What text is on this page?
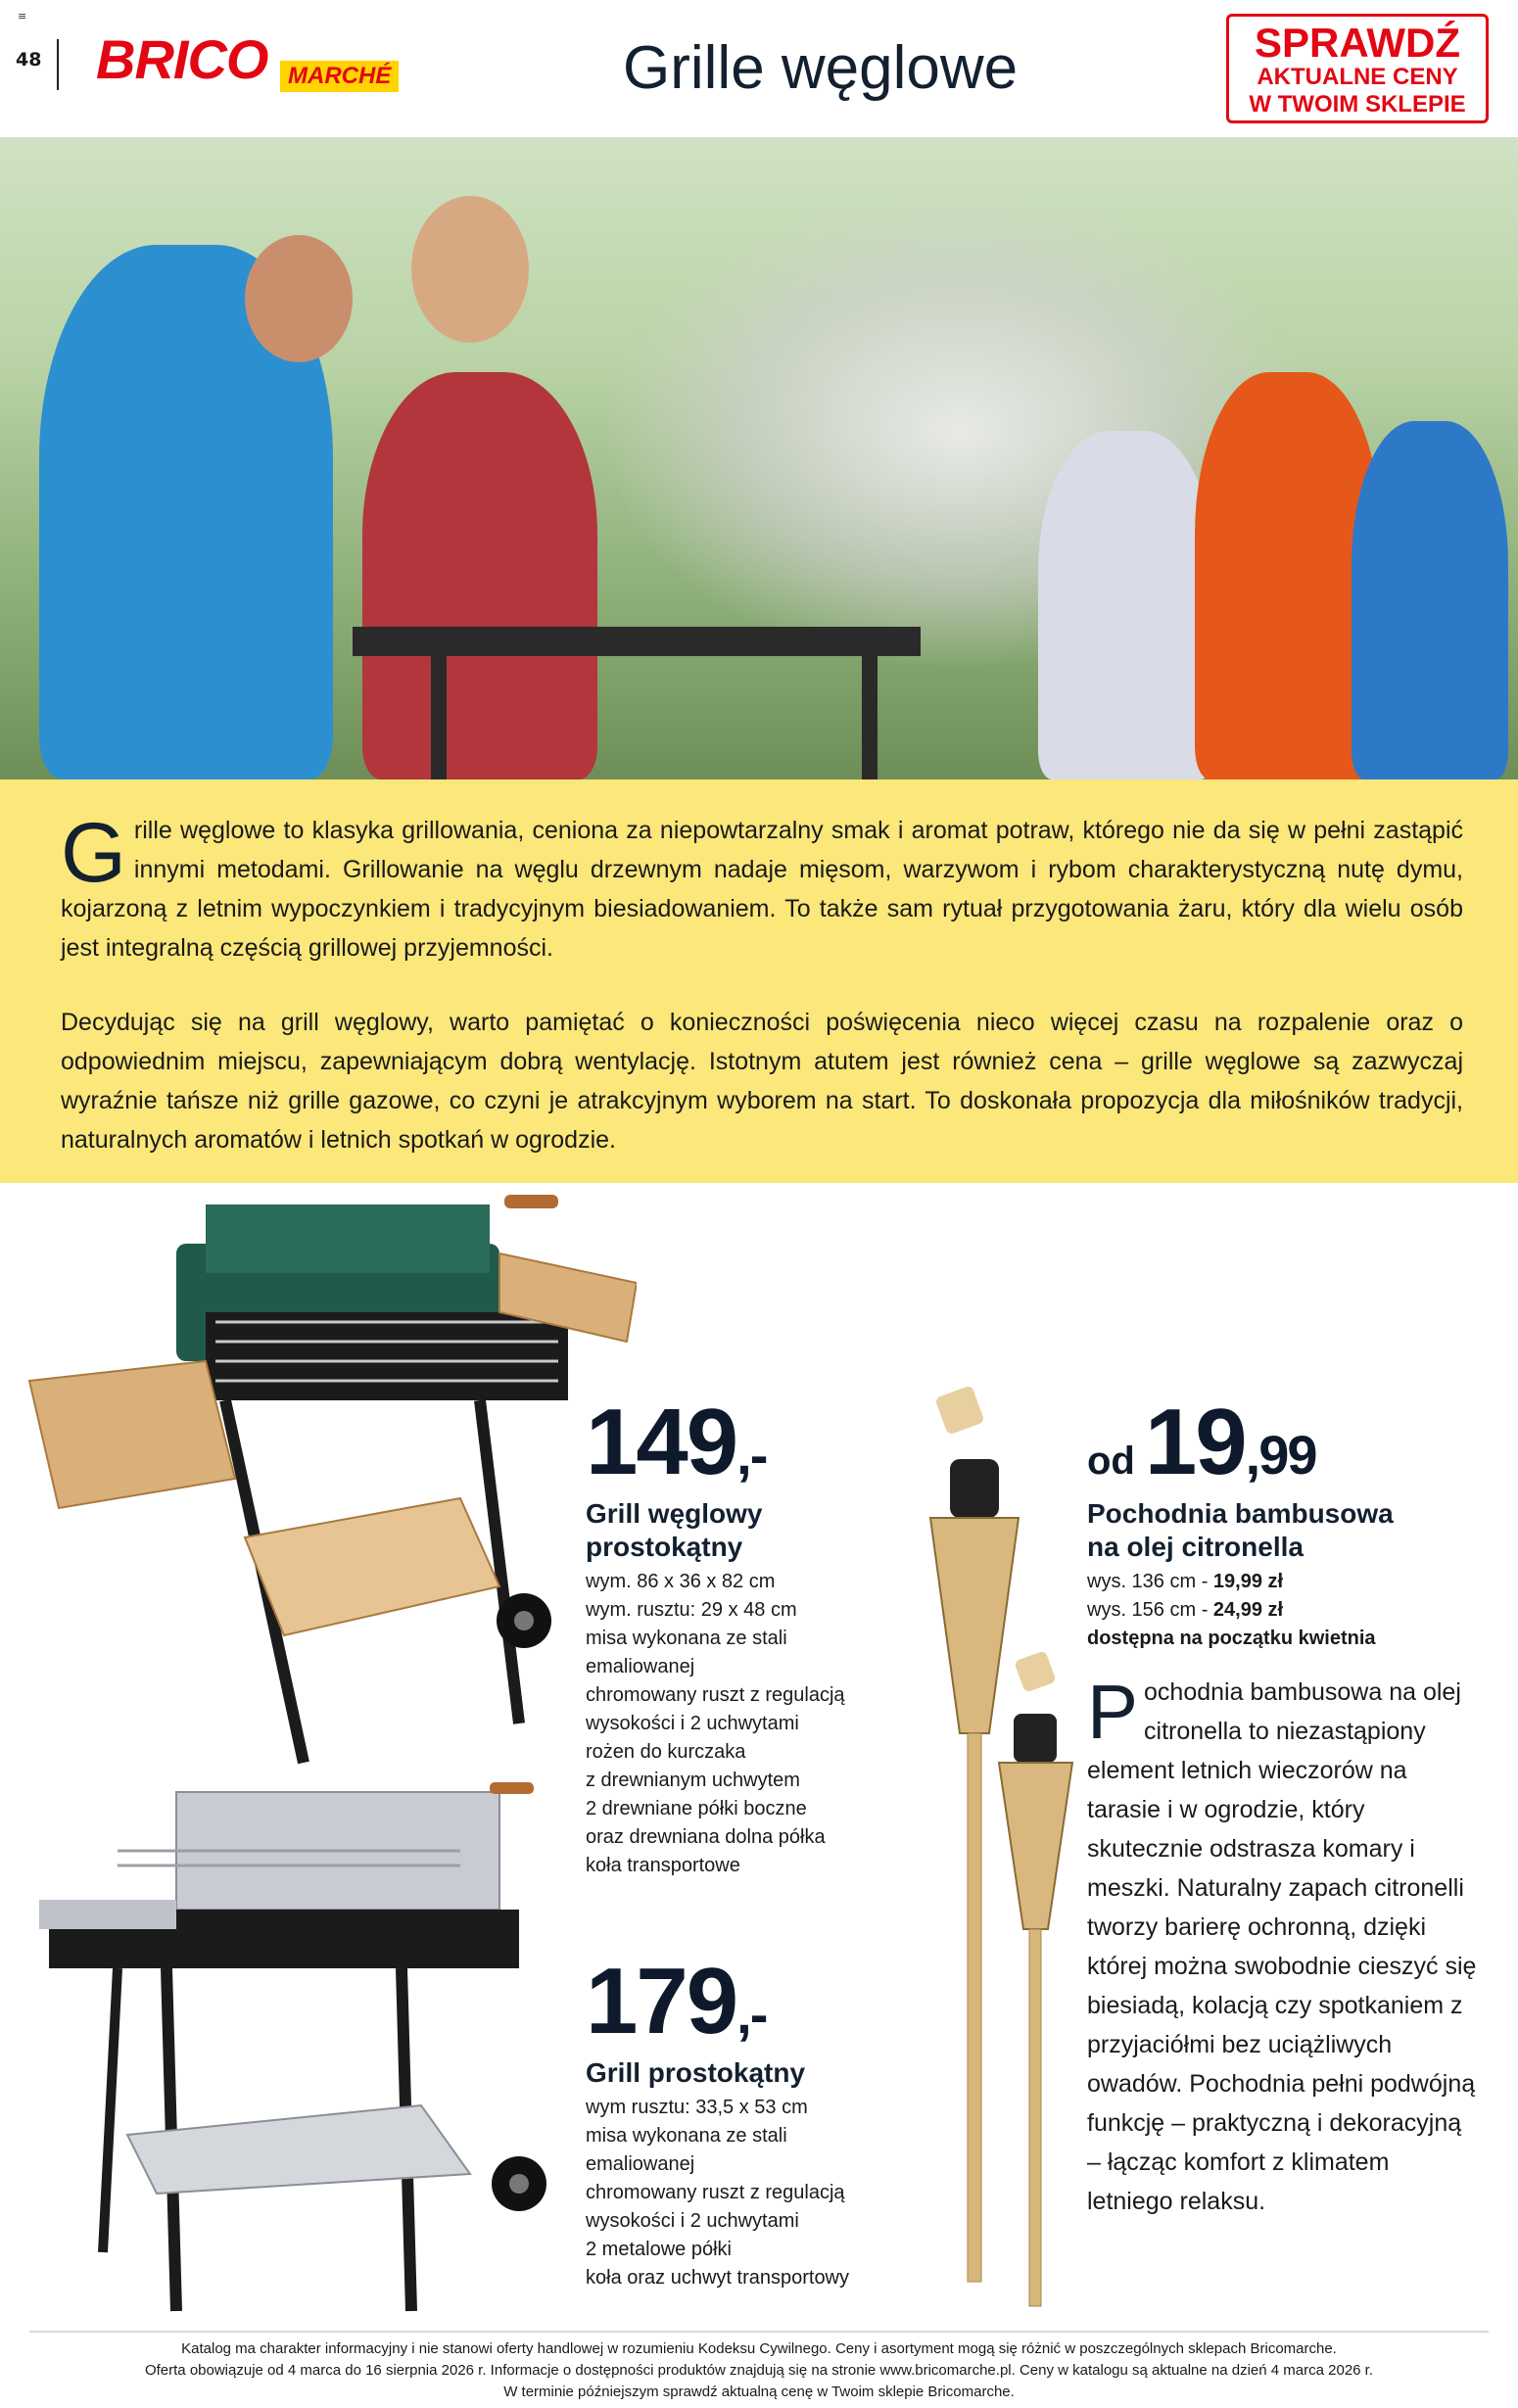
≡
48 BRICO MARCHÉ	Grille węglowe	SPRAWDŹ
AKTUALNE CENY
W TWOIM SKLEPIE

Grille węglowe to klasyka grillowania, ceniona za niepowtarzalny smak i aromat potraw, którego nie da się w pełni zastąpić innymi metodami. Grillowanie na węglu drzewnym nadaje mięsom, warzywom i rybom charakterystyczną nutę dymu, kojarzoną z letnim wypoczynkiem i tradycyjnym biesiadowaniem. To także sam rytuał przygotowania żaru, który dla wielu osób jest integralną częścią grillowej przyjemności.

Decydując się na grill węglowy, warto pamiętać o konieczności poświęcenia nieco więcej czasu na rozpalenie oraz o odpowiednim miejscu, zapewniającym dobrą wentylację. Istotnym atutem jest również cena – grille węglowe są zazwyczaj wyraźnie tańsze niż grille gazowe, co czyni je atrakcyjnym wyborem na start. To doskonała propozycja dla miłośników tradycji, naturalnych aromatów i letnich spotkań w ogrodzie.

149,-
Grill węglowy
prostokątny
wym. 86 x 36 x 82 cm
wym. rusztu: 29 x 48 cm
misa wykonana ze stali
emaliowanej
chromowany ruszt z regulacją
wysokości i 2 uchwytami
rożen do kurczaka
z drewnianym uchwytem
2 drewniane półki boczne
oraz drewniana dolna półka
koła transportowe
179,-
Grill prostokątny
wym rusztu: 33,5 x 53 cm
misa wykonana ze stali
emaliowanej
chromowany ruszt z regulacją
wysokości i 2 uchwytami
2 metalowe półki
koła oraz uchwyt transportowy
od 19,99
Pochodnia bambusowa
na olej citronella
wys. 136 cm - 19,99 zł
wys. 156 cm - 24,99 zł
dostępna na początku kwietnia

Pochodnia bambusowa na olej citronella to niezastąpiony element letnich wieczorów na tarasie i w ogrodzie, który skutecznie odstrasza komary i meszki. Naturalny zapach citronelli tworzy barierę ochronną, dzięki której można swobodnie cieszyć się biesiadą, kolacją czy spotkaniem z przyjaciółmi bez uciążliwych owadów. Pochodnia pełni podwójną funkcję – praktyczną i dekoracyjną – łącząc komfort z klimatem letniego relaksu.

Katalog ma charakter informacyjny i nie stanowi oferty handlowej w rozumieniu Kodeksu Cywilnego. Ceny i asortyment mogą się różnić w poszczególnych sklepach Bricomarche.
Oferta obowiązuje od 4 marca do 16 sierpnia 2026 r. Informacje o dostępności produktów znajdują się na stronie www.bricomarche.pl. Ceny w katalogu są aktualne na dzień 4 marca 2026 r.
W terminie późniejszym sprawdź aktualną cenę w Twoim sklepie Bricomarche.
